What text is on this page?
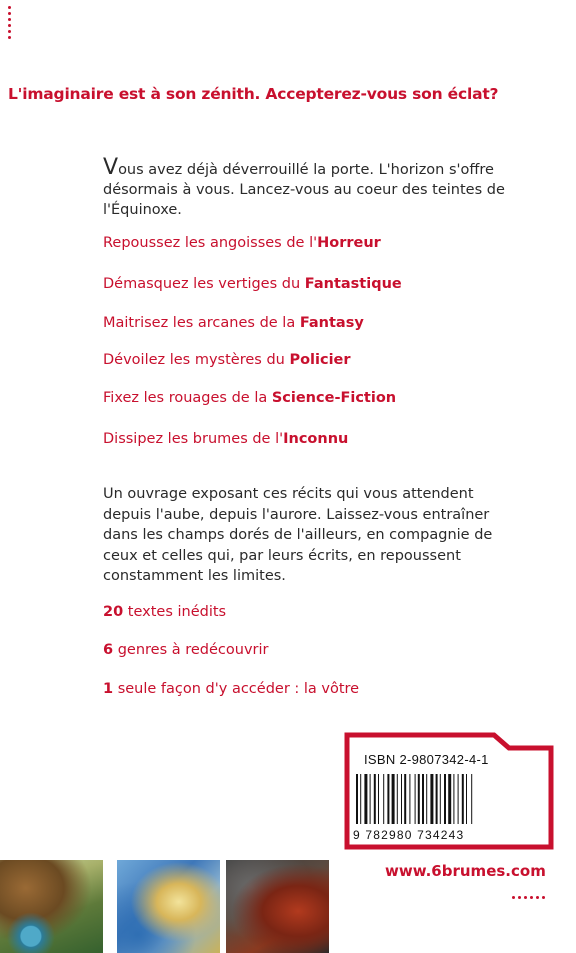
L'imaginaire est à son zénith. Accepterez-vous son éclat?
Vous avez déjà déverrouillé la porte. L'horizon s'offre désormais à vous. Lancez-vous au coeur des teintes de l'Équinoxe.
Repoussez les angoisses de l'Horreur
Démasquez les vertiges du Fantastique
Maitrisez les arcanes de la Fantasy
Dévoilez les mystères du Policier
Fixez les rouages de la Science-Fiction
Dissipez les brumes de l'Inconnu
Un ouvrage exposant ces récits qui vous attendent depuis l'aube, depuis l'aurore. Laissez-vous entraîner dans les champs dorés de l'ailleurs, en compagnie de ceux et celles qui, par leurs écrits, en repoussent constamment les limites.
20 textes inédits
6 genres à redécouvrir
1 seule façon d'y accéder : la vôtre
ISBN 2-9807342-4-1
9 782980 734243
www.6brumes.com
